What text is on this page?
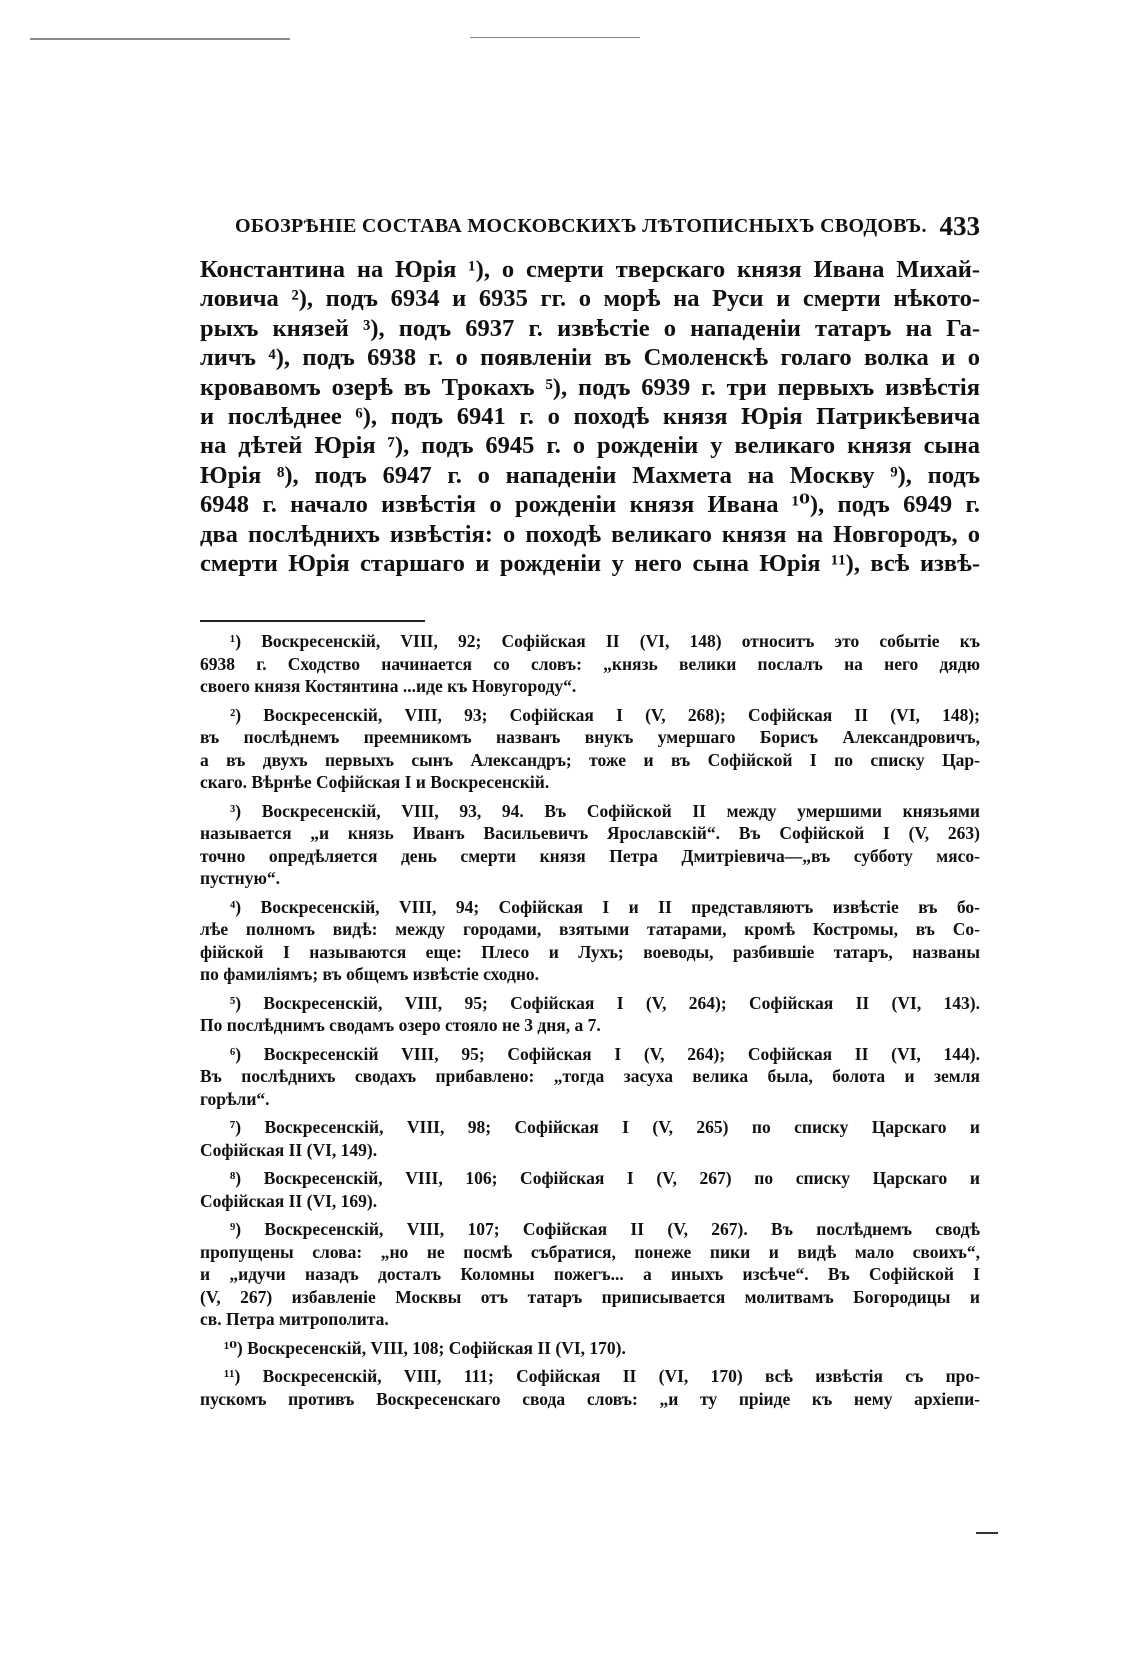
ОБОЗРѢНІЕ СОСТАВА МОСКОВСКИХЪ ЛѢТОПИСНЫХЪ СВОДОВЪ. 433
Константина на Юрія ¹), о смерти тверскаго князя Ивана Михай-
ловича ²), подъ 6934 и 6935 гг. о морѣ на Руси и смерти нѣкото-
рыхъ князей ³), подъ 6937 г. извѣстіе о нападеніи татаръ на Га-
личъ ⁴), подъ 6938 г. о появленіи въ Смоленскѣ голаго волка и о
кровавомъ озерѣ въ Трокахъ ⁵), подъ 6939 г. три первыхъ извѣстія
и послѣднее ⁶), подъ 6941 г. о походѣ князя Юрія Патрикѣевича
на дѣтей Юрія ⁷), подъ 6945 г. о рожденіи у великаго князя сына
Юрія ⁸), подъ 6947 г. о нападеніи Махмета на Москву ⁹), подъ
6948 г. начало извѣстія о рожденіи князя Ивана ¹⁰), подъ 6949 г.
два послѣднихъ извѣстія: о походѣ великаго князя на Новгородъ, о
смерти Юрія старшаго и рожденіи у него сына Юрія ¹¹), всѣ извѣ-
¹) Воскресенскій, VIII, 92; Софійская II (VI, 148) относитъ это событіе къ
6938 г. Сходство начинается со словъ: „князь велики послалъ на него дядю
своего князя Костянтина ...иде къ Новугороду“.
²) Воскресенскій, VIII, 93; Софійская I (V, 268); Софійская II (VI, 148);
въ послѣднемъ преемникомъ названъ внукъ умершаго Борисъ Александровичъ,
а въ двухъ первыхъ сынъ Александръ; тоже и въ Софійской I по списку Цар-
скаго. Вѣрнѣе Софійская I и Воскресенскій.
³) Воскресенскій, VIII, 93, 94. Въ Софійской II между умершими князьями
называется „и князь Иванъ Васильевичъ Ярославскій“. Въ Софійской I (V, 263)
точно опредѣляется день смерти князя Петра Дмитріевича—„въ субботу мясо-
пустную“.
⁴) Воскресенскій, VIII, 94; Софійская I и II представляютъ извѣстіе въ бо-
лѣе полномъ видѣ: между городами, взятыми татарами, кромѣ Костромы, въ Со-
фійской I называются еще: Плесо и Лухъ; воеводы, разбившіе татаръ, названы
по фамиліямъ; въ общемъ извѣстіе сходно.
⁵) Воскресенскій, VIII, 95; Софійская I (V, 264); Софійская II (VI, 143).
По послѣднимъ сводамъ озеро стояло не 3 дня, а 7.
⁶) Воскресенскій VIII, 95; Софійская I (V, 264); Софійская II (VI, 144).
Въ послѣднихъ сводахъ прибавлено: „тогда засуха велика была, болота и земля
горѣли“.
⁷) Воскресенскій, VIII, 98; Софійская I (V, 265) по списку Царскаго и
Софійская II (VI, 149).
⁸) Воскресенскій, VIII, 106; Софійская I (V, 267) по списку Царскаго и
Софійская II (VI, 169).
⁹) Воскресенскій, VIII, 107; Софійская II (V, 267). Въ послѣднемъ сводѣ
пропущены слова: „но не посмѣ събратися, понеже пики и видѣ мало своихъ“,
и „идучи назадъ досталъ Коломны пожегъ... а иныхъ изсѣче“. Въ Софійской I
(V, 267) избавленіе Москвы отъ татаръ приписывается молитвамъ Богородицы и
св. Петра митрополита.
¹⁰) Воскресенскій, VIII, 108; Софійская II (VI, 170).
¹¹) Воскресенскій, VIII, 111; Софійская II (VI, 170) всѣ извѣстія съ про-
пускомъ противъ Воскресенскаго свода словъ: „и ту пріиде къ нему архіепи-
